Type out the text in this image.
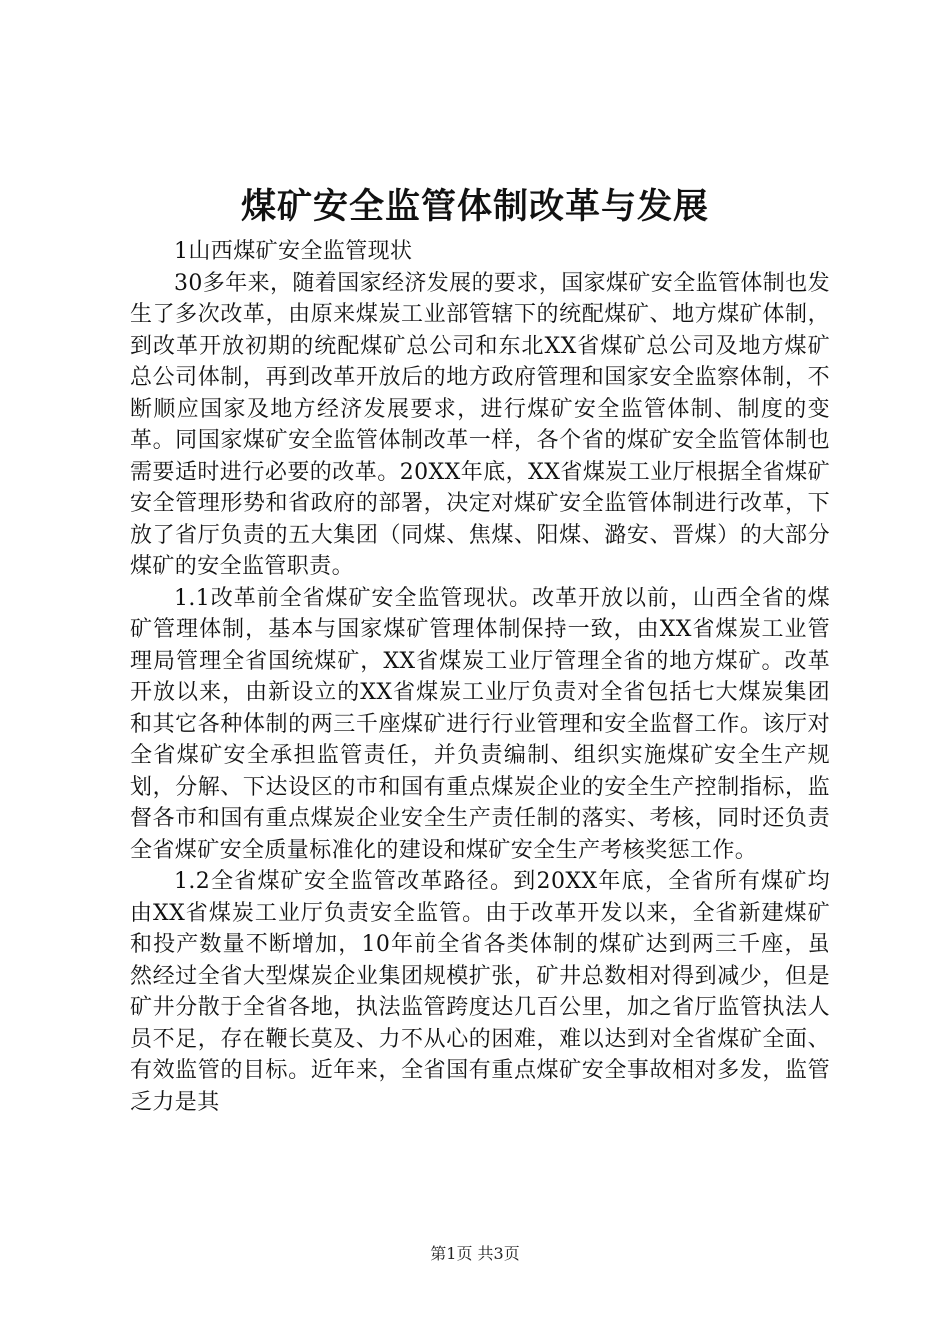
煤矿安全监管体制改革与发展

1山西煤矿安全监管现状

30多年来，随着国家经济发展的要求，国家煤矿安全监管体制也发生了多次改革，由原来煤炭工业部管辖下的统配煤矿、地方煤矿体制，到改革开放初期的统配煤矿总公司和东北XX省煤矿总公司及地方煤矿总公司体制，再到改革开放后的地方政府管理和国家安全监察体制，不断顺应国家及地方经济发展要求，进行煤矿安全监管体制、制度的变革。同国家煤矿安全监管体制改革一样，各个省的煤矿安全监管体制也需要适时进行必要的改革。20XX年底，XX省煤炭工业厅根据全省煤矿安全管理形势和省政府的部署，决定对煤矿安全监管体制进行改革，下放了省厅负责的五大集团（同煤、焦煤、阳煤、潞安、晋煤）的大部分煤矿的安全监管职责。

1.1改革前全省煤矿安全监管现状。改革开放以前，山西全省的煤矿管理体制，基本与国家煤矿管理体制保持一致，由XX省煤炭工业管理局管理全省国统煤矿，XX省煤炭工业厅管理全省的地方煤矿。改革开放以来，由新设立的XX省煤炭工业厅负责对全省包括七大煤炭集团和其它各种体制的两三千座煤矿进行行业管理和安全监督工作。该厅对全省煤矿安全承担监管责任，并负责编制、组织实施煤矿安全生产规划，分解、下达设区的市和国有重点煤炭企业的安全生产控制指标，监督各市和国有重点煤炭企业安全生产责任制的落实、考核，同时还负责全省煤矿安全质量标准化的建设和煤矿安全生产考核奖惩工作。

1.2全省煤矿安全监管改革路径。到20XX年底，全省所有煤矿均由XX省煤炭工业厅负责安全监管。由于改革开发以来，全省新建煤矿和投产数量不断增加，10年前全省各类体制的煤矿达到两三千座，虽然经过全省大型煤炭企业集团规模扩张，矿井总数相对得到减少，但是矿井分散于全省各地，执法监管跨度达几百公里，加之省厅监管执法人员不足，存在鞭长莫及、力不从心的困难，难以达到对全省煤矿全面、有效监管的目标。近年来，全省国有重点煤矿安全事故相对多发，监管乏力是其

第1页 共3页
